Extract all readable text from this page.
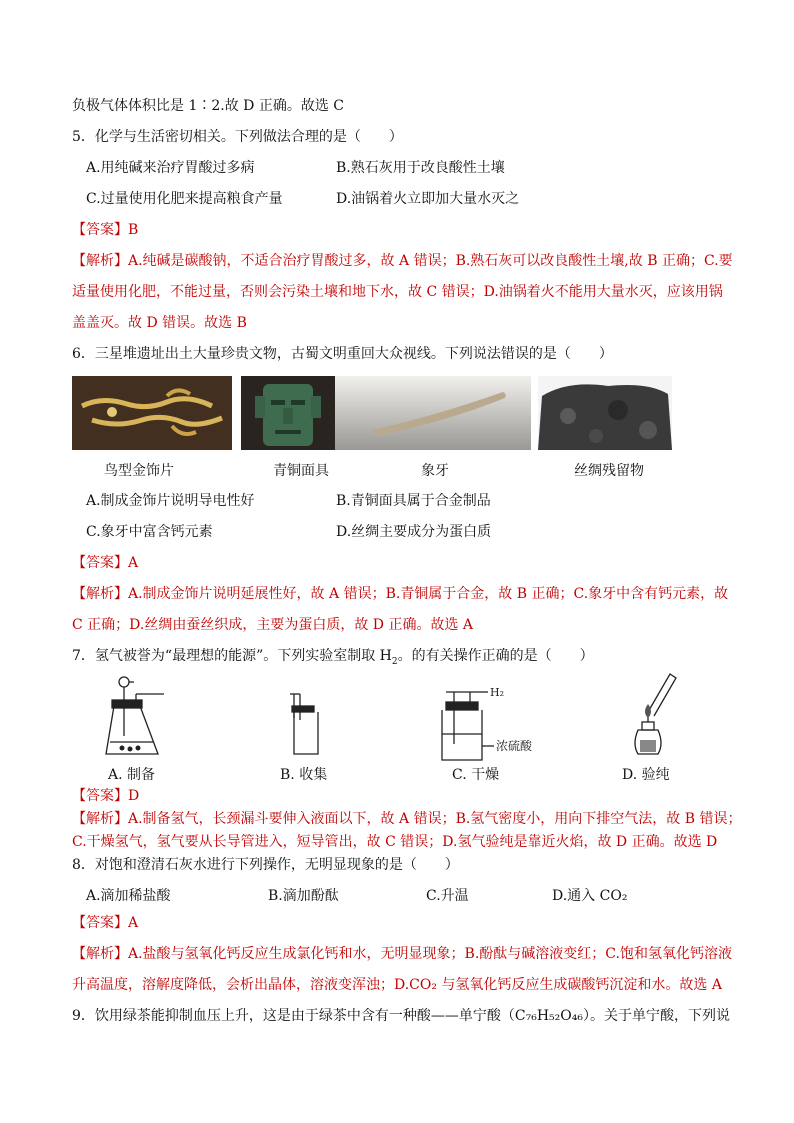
负极气体体积比是 1∶2.故 D 正确。故选 C
5．化学与生活密切相关。下列做法合理的是（　　）
A.用纯碱来治疗胃酸过多病	B.熟石灰用于改良酸性土壤
C.过量使用化肥来提高粮食产量	D.油锅着火立即加大量水灭之
【答案】B
【解析】A.纯碱是碳酸钠，不适合治疗胃酸过多，故 A 错误；B.熟石灰可以改良酸性土壤,故 B 正确；C.要
适量使用化肥，不能过量，否则会污染土壤和地下水，故 C 错误；D.油锅着火不能用大量水灭，应该用锅
盖盖灭。故 D 错误。故选 B
6．三星堆遗址出土大量珍贵文物，古蜀文明重回大众视线。下列说法错误的是（　　）
鸟型金饰片	青铜面具	象牙	丝绸残留物
A.制成金饰片说明导电性好	B.青铜面具属于合金制品
C.象牙中富含钙元素	D.丝绸主要成分为蛋白质
【答案】A
【解析】A.制成金饰片说明延展性好，故 A 错误；B.青铜属于合金，故 B 正确；C.象牙中含有钙元素，故
C 正确；D.丝绸由蚕丝织成，主要为蛋白质，故 D 正确。故选 A
7．氢气被誉为“最理想的能源”。下列实验室制取 $H_2$。的有关操作正确的是（　　）
H₂
浓硫酸
A. 制备	B. 收集	C. 干燥	D. 验纯
【答案】D
【解析】A.制备氢气，长颈漏斗要伸入液面以下，故 A 错误；B.氢气密度小，用向下排空气法，故 B 错误；
C.干燥氢气，氢气要从长导管进入，短导管出，故 C 错误；D.氢气验纯是靠近火焰，故 D 正确。故选 D
8．对饱和澄清石灰水进行下列操作，无明显现象的是（　　）
A.滴加稀盐酸	B.滴加酚酞	C.升温	D.通入 CO₂
【答案】A
【解析】A.盐酸与氢氧化钙反应生成氯化钙和水，无明显现象；B.酚酞与碱溶液变红；C.饱和氢氧化钙溶液
升高温度，溶解度降低，会析出晶体，溶液变浑浊；D.CO₂ 与氢氧化钙反应生成碳酸钙沉淀和水。故选 A
9．饮用绿茶能抑制血压上升，这是由于绿茶中含有一种酸——单宁酸（C₇₆H₅₂O₄₆）。关于单宁酸，下列说
